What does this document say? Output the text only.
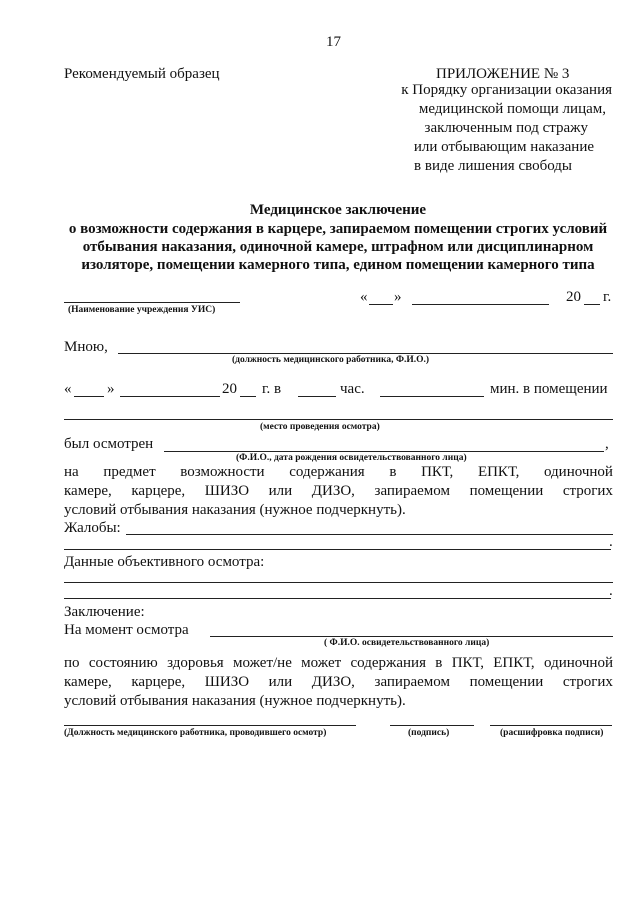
17
Рекомендуемый образец	ПРИЛОЖЕНИЕ № 3
к Порядку организации оказания
медицинской помощи лицам,
заключенным под стражу
или отбывающим наказание
в виде лишения свободы
Медицинское заключение
о возможности содержания в карцере, запираемом помещении строгих условий
отбывания наказания, одиночной камере, штрафном или дисциплинарном
изоляторе, помещении камерного типа, едином помещении камерного типа
(Наименование учреждения УИС)
« »	20 г.
Мною,
(должность медицинского работника, Ф.И.О.)
« »	20 г. в	час.	мин. в помещении
(место проведения осмотра)
был осмотрен	,
(Ф.И.О., дата рождения освидетельствованного лица)
на предмет возможности содержания в ПКТ, ЕПКТ, одиночной
камере, карцере, ШИЗО или ДИЗО, запираемом помещении строгих
условий отбывания наказания (нужное подчеркнуть).
Жалобы:
.
Данные объективного осмотра:
.
Заключение:
На момент осмотра
( Ф.И.О. освидетельствованного лица)
по состоянию здоровья может/не может содержания в ПКТ, ЕПКТ, одиночной
камере, карцере, ШИЗО или ДИЗО, запираемом помещении строгих
условий отбывания наказания (нужное подчеркнуть).
(Должность медицинского работника, проводившего осмотр)	(подпись)	(расшифровка подписи)
